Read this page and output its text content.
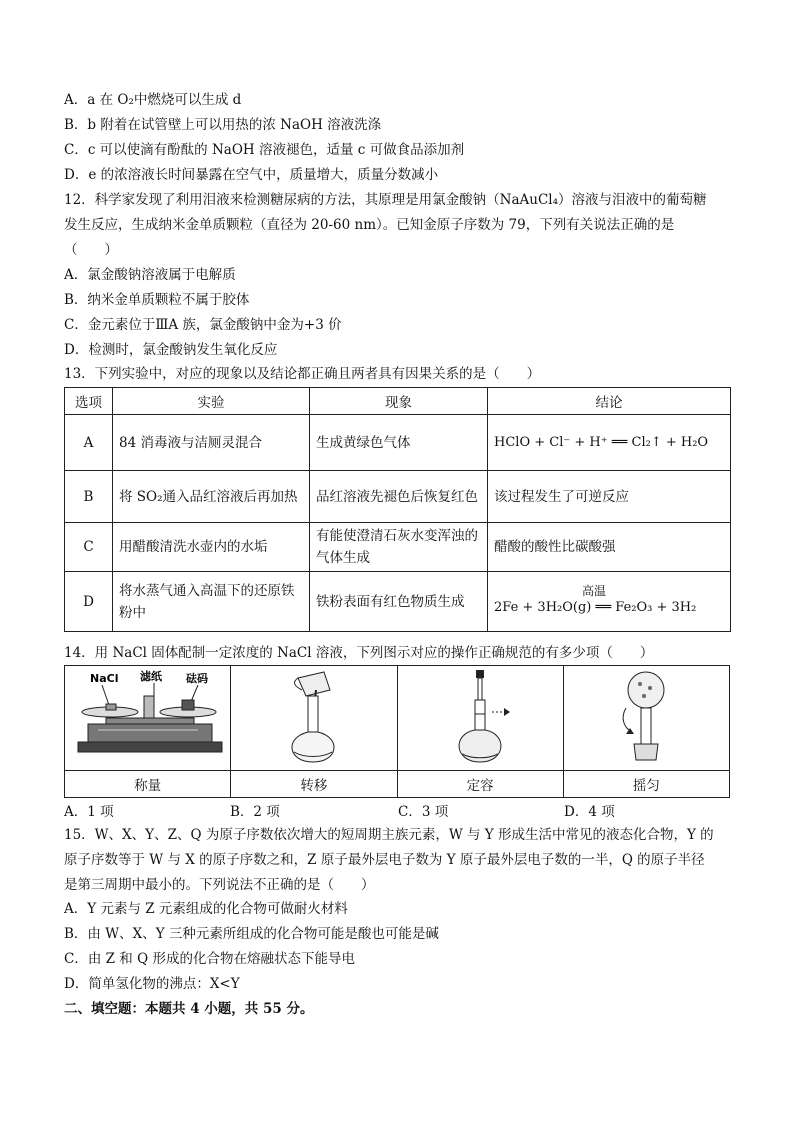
A．a 在 O₂中燃烧可以生成 d
B．b 附着在试管壁上可以用热的浓 NaOH 溶液洗涤
C．c 可以使滴有酚酞的 NaOH 溶液褪色，适量 c 可做食品添加剂
D．e 的浓溶液长时间暴露在空气中，质量增大，质量分数减小
12．科学家发现了利用泪液来检测糖尿病的方法，其原理是用氯金酸钠（NaAuCl₄）溶液与泪液中的葡萄糖
发生反应，生成纳米金单质颗粒（直径为 20-60 nm）。已知金原子序数为 79，下列有关说法正确的是
（　　）
A．氯金酸钠溶液属于电解质
B．纳米金单质颗粒不属于胶体
C．金元素位于ⅢA 族，氯金酸钠中金为+3 价
D．检测时，氯金酸钠发生氧化反应
13．下列实验中，对应的现象以及结论都正确且两者具有因果关系的是（　　）
选项	实验	现象	结论
A	84 消毒液与洁厕灵混合	生成黄绿色气体	HClO + Cl⁻ + H⁺ ══ Cl₂↑ + H₂O
B	将 SO₂通入品红溶液后再加热	品红溶液先褪色后恢复红色	该过程发生了可逆反应
C	用醋酸清洗水壶内的水垢	有能使澄清石灰水变浑浊的气体生成	醋酸的酸性比碳酸强
D	将水蒸气通入高温下的还原铁粉中	铁粉表面有红色物质生成	高温
2Fe + 3H₂O(g) ══ Fe₂O₃ + 3H₂
14．用 NaCl 固体配制一定浓度的 NaCl 溶液，下列图示对应的操作正确规范的有多少项（　　）
NaCl 滤纸 砝码

称量	转移	定容	摇匀
A．1 项	B．2 项	C．3 项	D．4 项
15．W、X、Y、Z、Q 为原子序数依次增大的短周期主族元素，W 与 Y 形成生活中常见的液态化合物，Y 的
原子序数等于 W 与 X 的原子序数之和，Z 原子最外层电子数为 Y 原子最外层电子数的一半，Q 的原子半径
是第三周期中最小的。下列说法不正确的是（　　）
A．Y 元素与 Z 元素组成的化合物可做耐火材料
B．由 W、X、Y 三种元素所组成的化合物可能是酸也可能是碱
C．由 Z 和 Q 形成的化合物在熔融状态下能导电
D．简单氢化物的沸点：X<Y
二、填空题：本题共 4 小题，共 55 分。
